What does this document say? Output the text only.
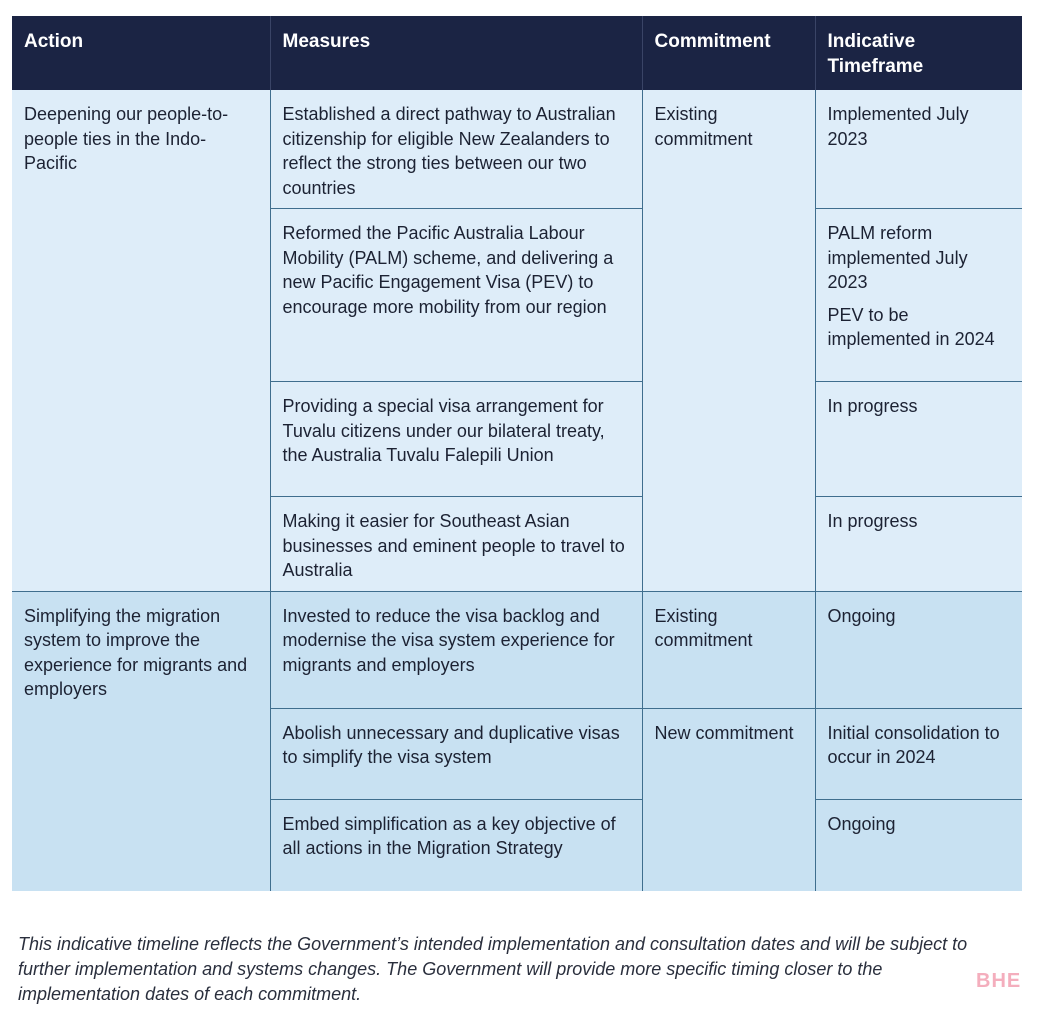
Action	Measures	Commitment	Indicative Timeframe
Deepening our people-to-people ties in the Indo-Pacific	Established a direct pathway to Australian citizenship for eligible New Zealanders to reflect the strong ties between our two countries	Existing commitment	Implemented July 2023

	Reformed the Pacific Australia Labour Mobility (PALM) scheme, and delivering a new Pacific Engagement Visa (PEV) to encourage more mobility from our region		PALM reform implemented July 2023
PEV to be implemented in 2024

	Providing a special visa arrangement for Tuvalu citizens under our bilateral treaty, the Australia Tuvalu Falepili Union		In progress

	Making it easier for Southeast Asian businesses and eminent people to travel to Australia		In progress

Simplifying the migration system to improve the experience for migrants and employers	Invested to reduce the visa backlog and modernise the visa system experience for migrants and employers	Existing commitment	Ongoing

	Abolish unnecessary and duplicative visas to simplify the visa system	New commitment	Initial consolidation to occur in 2024

	Embed simplification as a key objective of all actions in the Migration Strategy		Ongoing
This indicative timeline reflects the Government’s intended implementation and consultation dates and will be subject to further implementation and systems changes. The Government will provide more specific timing closer to the implementation dates of each commitment.
BHE
